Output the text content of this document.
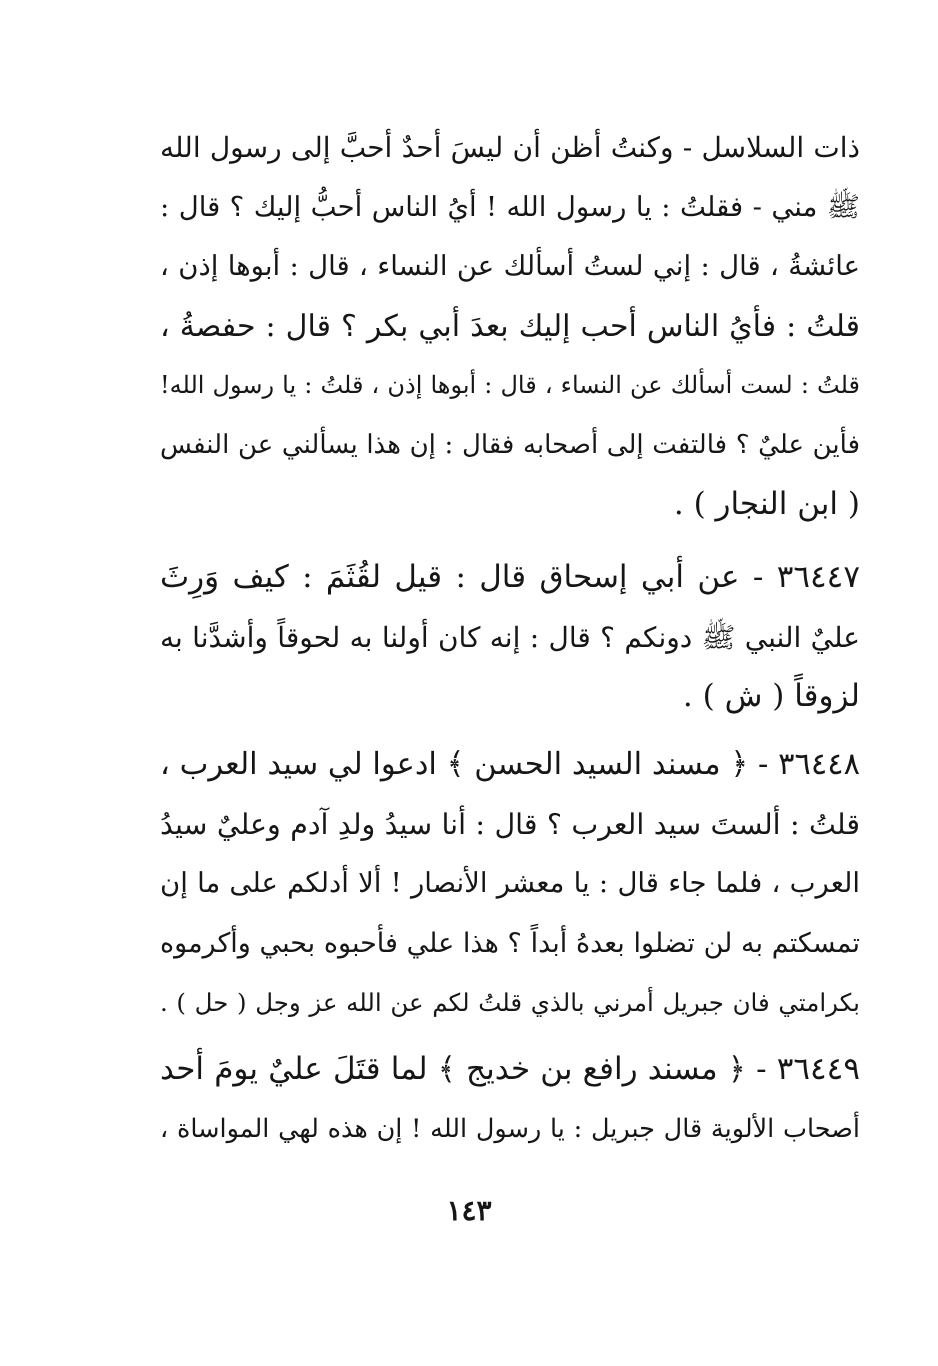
ذات السلاسل - وكنتُ أظن أن ليسَ أحدٌ أحبَّ إلى رسول الله
ﷺ مني - فقلتُ : يا رسول الله ! أيُ الناس أحبُّ إليك ؟ قال :
عائشةُ ، قال : إني لستُ أسألك عن النساء ، قال : أبوها إذن ،
قلتُ : فأيُ الناس أحب إليك بعدَ أبي بكر ؟ قال : حفصةُ ،
قلتُ : لست أسألك عن النساء ، قال : أبوها إذن ، قلتُ : يا رسول الله!
فأين عليٌ ؟ فالتفت إلى أصحابه فقال : إن هذا يسألني عن النفس
( ابن النجار ) .
٣٦٤٤٧ - عن أبي إسحاق قال : قيل لقُثَمَ : كيف وَرِثَ
عليٌ النبي ﷺ دونكم ؟ قال : إنه كان أولنا به لحوقاً وأشدَّنا به
لزوقاً ( ش ) .
٣٦٤٤٨ - ﴿ مسند السيد الحسن ﴾ ادعوا لي سيد العرب ،
قلتُ : ألستَ سيد العرب ؟ قال : أنا سيدُ ولدِ آدم وعليٌ سيدُ
العرب ، فلما جاء قال : يا معشر الأنصار ! ألا أدلكم على ما إن
تمسكتم به لن تضلوا بعدهُ أبداً ؟ هذا علي فأحبوه بحبي وأكرموه
بكرامتي فان جبريل أمرني بالذي قلتُ لكم عن الله عز وجل ( حل ) .
٣٦٤٤٩ - ﴿ مسند رافع بن خديج ﴾ لما قتَلَ عليٌ يومَ أحد
أصحاب الألوية قال جبريل : يا رسول الله ! إن هذه لهي المواساة ،
١٤٣
